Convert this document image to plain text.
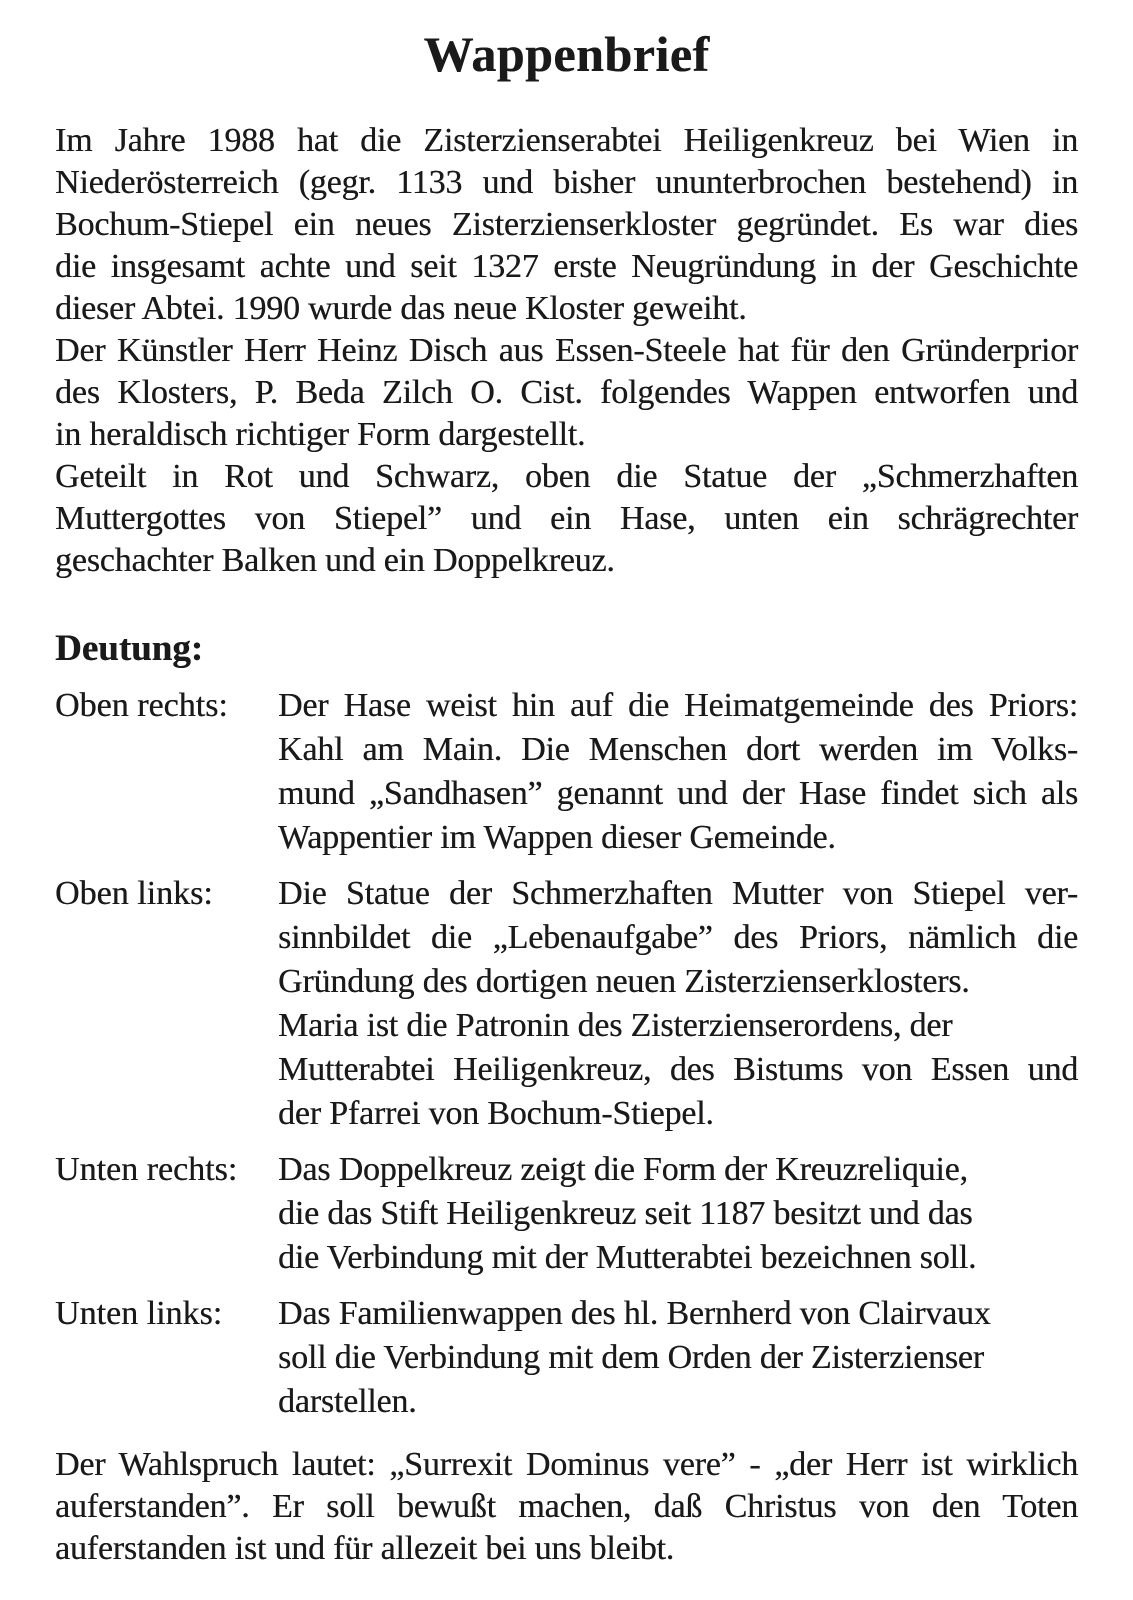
Wappenbrief
Im Jahre 1988 hat die Zisterzienserabtei Heiligenkreuz bei Wien in
Niederösterreich (gegr. 1133 und bisher ununterbrochen bestehend) in
Bochum-Stiepel ein neues Zisterzienserkloster gegründet. Es war dies
die insgesamt achte und seit 1327 erste Neugründung in der Geschichte
dieser Abtei. 1990 wurde das neue Kloster geweiht.
Der Künstler Herr Heinz Disch aus Essen-Steele hat für den Gründerprior
des Klosters, P. Beda Zilch O. Cist. folgendes Wappen entworfen und
in heraldisch richtiger Form dargestellt.
Geteilt in Rot und Schwarz, oben die Statue der „Schmerzhaften
Muttergottes von Stiepel” und ein Hase, unten ein schrägrechter
geschachter Balken und ein Doppelkreuz.
Deutung:
Oben rechts:	Der Hase weist hin auf die Heimatgemeinde des Priors:
Kahl am Main. Die Menschen dort werden im Volks-
mund „Sandhasen” genannt und der Hase findet sich als
Wappentier im Wappen dieser Gemeinde.
Oben links:	Die Statue der Schmerzhaften Mutter von Stiepel ver-
sinnbildet die „Lebenaufgabe” des Priors, nämlich die
Gründung des dortigen neuen Zisterzienserklosters.
Maria ist die Patronin des Zisterzienserordens, der
Mutterabtei Heiligenkreuz, des Bistums von Essen und
der Pfarrei von Bochum-Stiepel.
Unten rechts:	Das Doppelkreuz zeigt die Form der Kreuzreliquie,
die das Stift Heiligenkreuz seit 1187 besitzt und das
die Verbindung mit der Mutterabtei bezeichnen soll.
Unten links:	Das Familienwappen des hl. Bernherd von Clairvaux
soll die Verbindung mit dem Orden der Zisterzienser
darstellen.
Der Wahlspruch lautet: „Surrexit Dominus vere” - „der Herr ist wirklich
auferstanden”. Er soll bewußt machen, daß Christus von den Toten
auferstanden ist und für allezeit bei uns bleibt.
